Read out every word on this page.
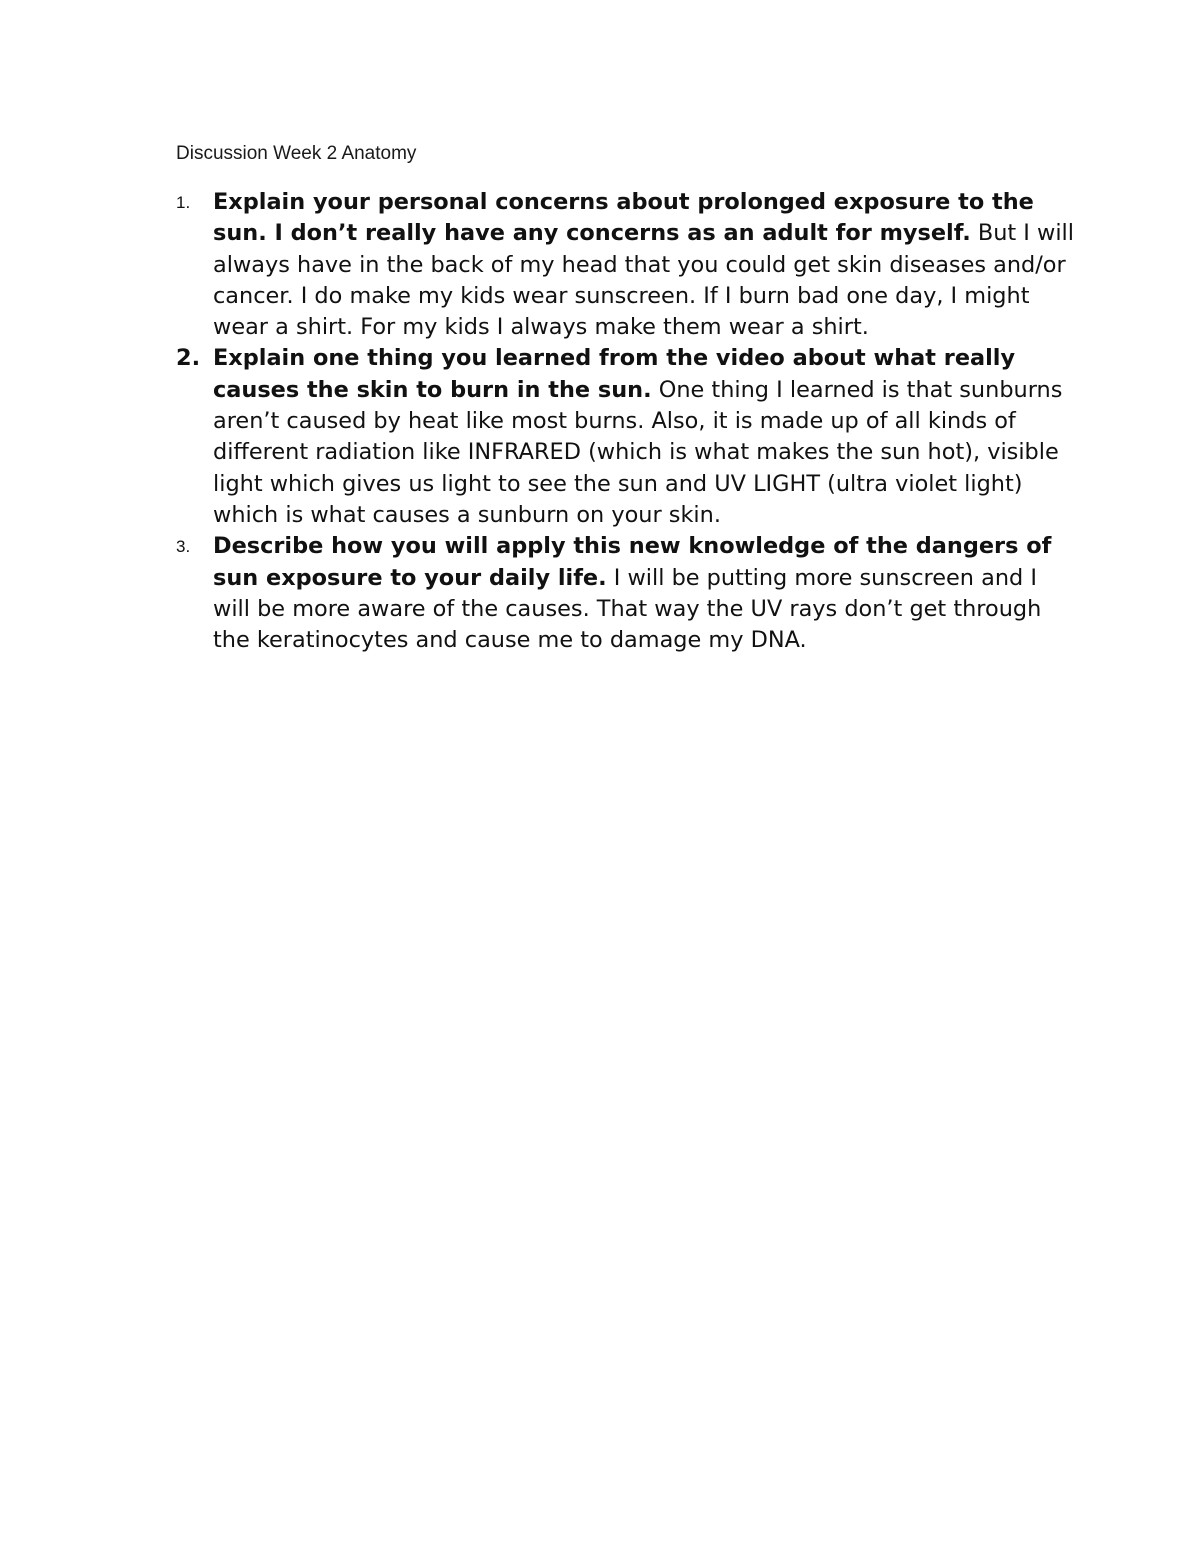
Discussion Week 2 Anatomy
1. Explain your personal concerns about prolonged exposure to the sun. I don’t really have any concerns as an adult for myself. But I will always have in the back of my head that you could get skin diseases and/or cancer. I do make my kids wear sunscreen. If I burn bad one day, I might wear a shirt. For my kids I always make them wear a shirt.
2. Explain one thing you learned from the video about what really causes the skin to burn in the sun. One thing I learned is that sunburns aren’t caused by heat like most burns. Also, it is made up of all kinds of different radiation like INFRARED (which is what makes the sun hot), visible light which gives us light to see the sun and UV LIGHT (ultra violet light) which is what causes a sunburn on your skin.
3. Describe how you will apply this new knowledge of the dangers of sun exposure to your daily life. I will be putting more sunscreen and I will be more aware of the causes. That way the UV rays don’t get through the keratinocytes and cause me to damage my DNA.
